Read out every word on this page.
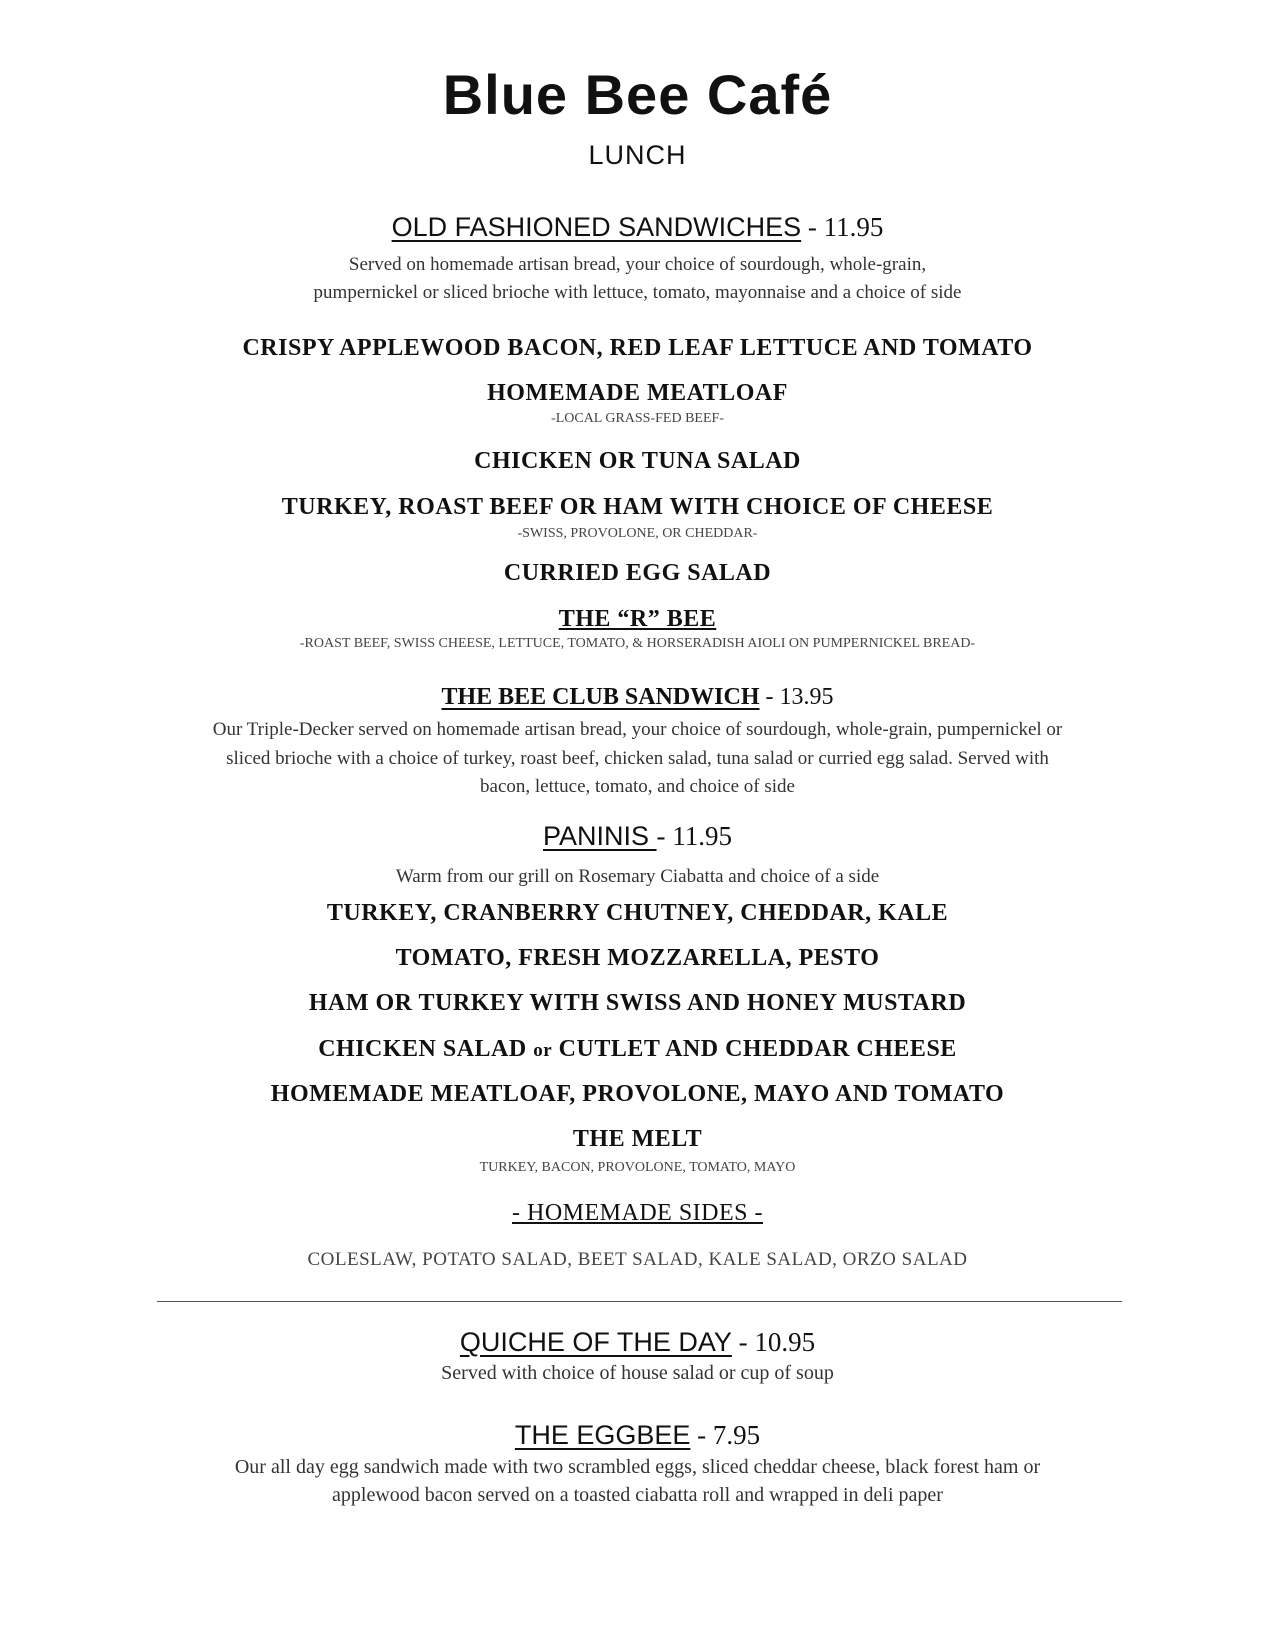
Blue Bee Café
LUNCH
OLD FASHIONED SANDWICHES - 11.95
Served on homemade artisan bread, your choice of sourdough, whole-grain,
pumpernickel or sliced brioche with lettuce, tomato, mayonnaise and a choice of side
CRISPY APPLEWOOD BACON, RED LEAF LETTUCE AND TOMATO
HOMEMADE MEATLOAF
-LOCAL GRASS-FED BEEF-
CHICKEN OR TUNA SALAD
TURKEY, ROAST BEEF OR HAM WITH CHOICE OF CHEESE
-SWISS, PROVOLONE, OR CHEDDAR-
CURRIED EGG SALAD
THE “R” BEE
-ROAST BEEF, SWISS CHEESE, LETTUCE, TOMATO, & HORSERADISH AIOLI ON PUMPERNICKEL BREAD-
THE BEE CLUB SANDWICH - 13.95
Our Triple-Decker served on homemade artisan bread, your choice of sourdough, whole-grain, pumpernickel or
sliced brioche with a choice of turkey, roast beef, chicken salad, tuna salad or curried egg salad. Served with
bacon, lettuce, tomato, and choice of side
PANINIS - 11.95
Warm from our grill on Rosemary Ciabatta and choice of a side
TURKEY, CRANBERRY CHUTNEY, CHEDDAR, KALE
TOMATO, FRESH MOZZARELLA, PESTO
HAM OR TURKEY WITH SWISS AND HONEY MUSTARD
CHICKEN SALAD or CUTLET AND CHEDDAR CHEESE
HOMEMADE MEATLOAF, PROVOLONE, MAYO AND TOMATO
THE MELT
TURKEY, BACON, PROVOLONE, TOMATO, MAYO
- HOMEMADE SIDES -
COLESLAW, POTATO SALAD, BEET SALAD, KALE SALAD, ORZO SALAD
QUICHE OF THE DAY - 10.95
Served with choice of house salad or cup of soup
THE EGGBEE - 7.95
Our all day egg sandwich made with two scrambled eggs, sliced cheddar cheese, black forest ham or
applewood bacon served on a toasted ciabatta roll and wrapped in deli paper
